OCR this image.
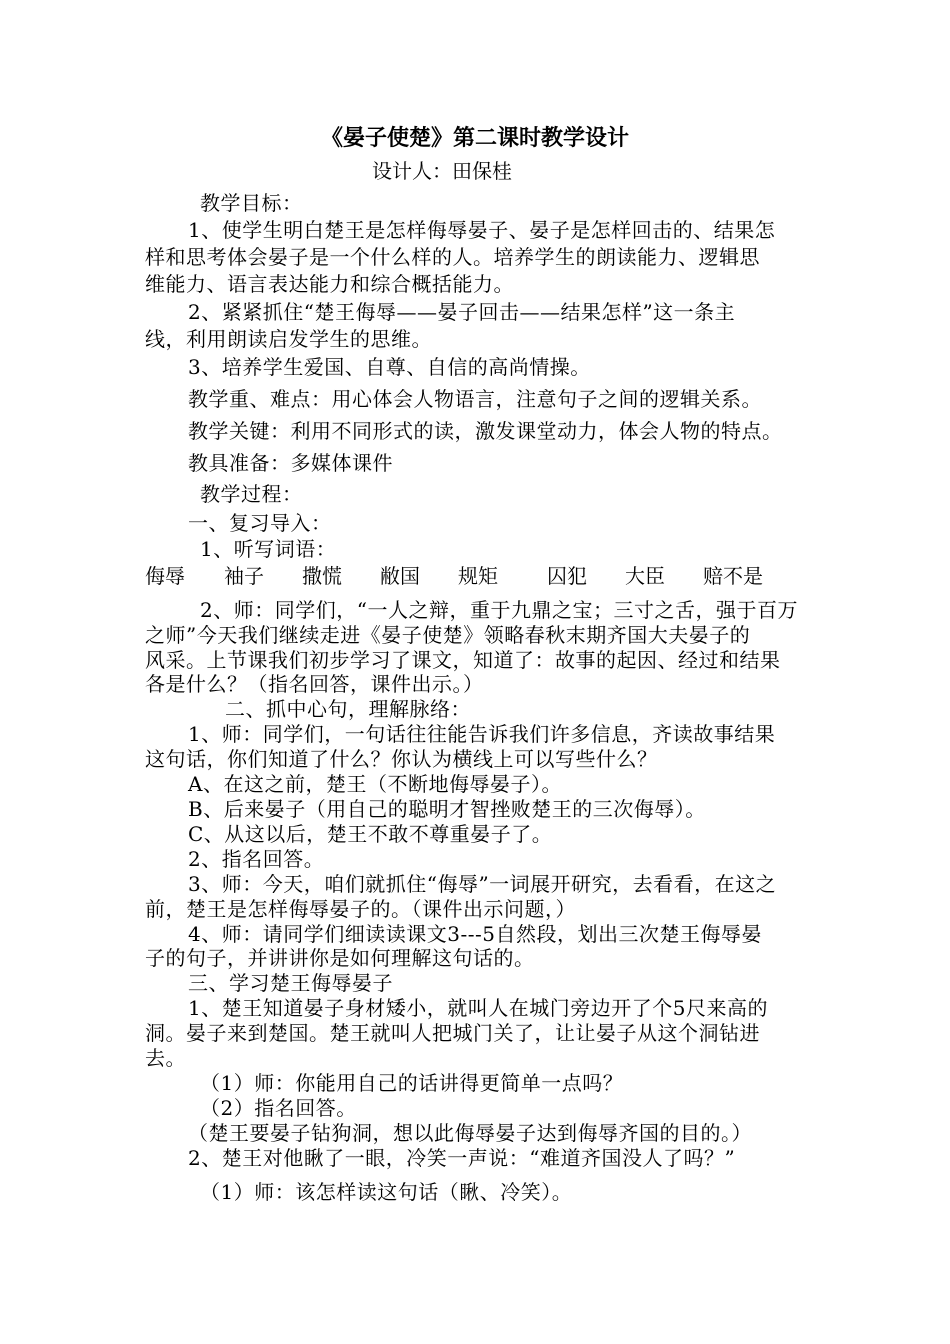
《晏子使楚》第二课时教学设计
设计人：田保桂
教学目标：
1、使学生明白楚王是怎样侮辱晏子、晏子是怎样回击的、结果怎
样和思考体会晏子是一个什么样的人。培养学生的朗读能力、逻辑思
维能力、语言表达能力和综合概括能力。
2、紧紧抓住“楚王侮辱——晏子回击——结果怎样”这一条主
线，利用朗读启发学生的思维。
3、培养学生爱国、自尊、自信的高尚情操。
教学重、难点：用心体会人物语言，注意句子之间的逻辑关系。
教学关键：利用不同形式的读，激发课堂动力，体会人物的特点。
教具准备：多媒体课件
教学过程：
一、复习导入：
1、听写词语：
侮辱 袖子 撒慌 敝国 规矩 囚犯 大臣 赔不是
2、师：同学们，“一人之辩，重于九鼎之宝；三寸之舌，强于百万
之师”今天我们继续走进《晏子使楚》领略春秋末期齐国大夫晏子的
风采。上节课我们初步学习了课文，知道了：故事的起因、经过和结果
各是什么？（指名回答，课件出示。）
二、抓中心句，理解脉络：
1、师：同学们，一句话往往能告诉我们许多信息，齐读故事结果
这句话，你们知道了什么？你认为横线上可以写些什么？
A、在这之前，楚王（不断地侮辱晏子）。
B、后来晏子（用自己的聪明才智挫败楚王的三次侮辱）。
C、从这以后，楚王不敢不尊重晏子了。
2、指名回答。
3、师：今天，咱们就抓住“侮辱”一词展开研究，去看看，在这之
前，楚王是怎样侮辱晏子的。（课件出示问题，）
4、师：请同学们细读读课文3---5自然段，划出三次楚王侮辱晏
子的句子，并讲讲你是如何理解这句话的。
三、学习楚王侮辱晏子
1、楚王知道晏子身材矮小，就叫人在城门旁边开了个5尺来高的
洞。晏子来到楚国。楚王就叫人把城门关了，让让晏子从这个洞钻进
去。
（1）师：你能用自己的话讲得更简单一点吗？
（2）指名回答。
（楚王要晏子钻狗洞，想以此侮辱晏子达到侮辱齐国的目的。）
2、楚王对他瞅了一眼，冷笑一声说：“难道齐国没人了吗？”
（1）师：该怎样读这句话（瞅、冷笑）。
